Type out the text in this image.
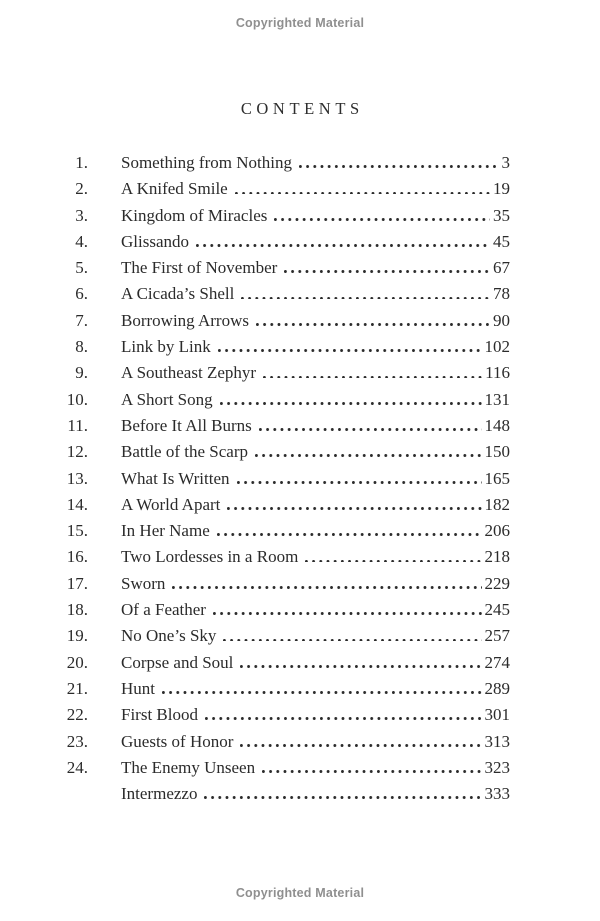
Copyrighted Material
CONTENTS
1. Something from Nothing	3
2. A Knifed Smile	19
3. Kingdom of Miracles	35
4. Glissando	45
5. The First of November	67
6. A Cicada’s Shell	78
7. Borrowing Arrows	90
8. Link by Link	102
9. A Southeast Zephyr	116
10. A Short Song	131
11. Before It All Burns	148
12. Battle of the Scarp	150
13. What Is Written	165
14. A World Apart	182
15. In Her Name	206
16. Two Lordesses in a Room	218
17. Sworn	229
18. Of a Feather	245
19. No One’s Sky	257
20. Corpse and Soul	274
21. Hunt	289
22. First Blood	301
23. Guests of Honor	313
24. The Enemy Unseen	323
Intermezzo	333
Copyrighted Material
